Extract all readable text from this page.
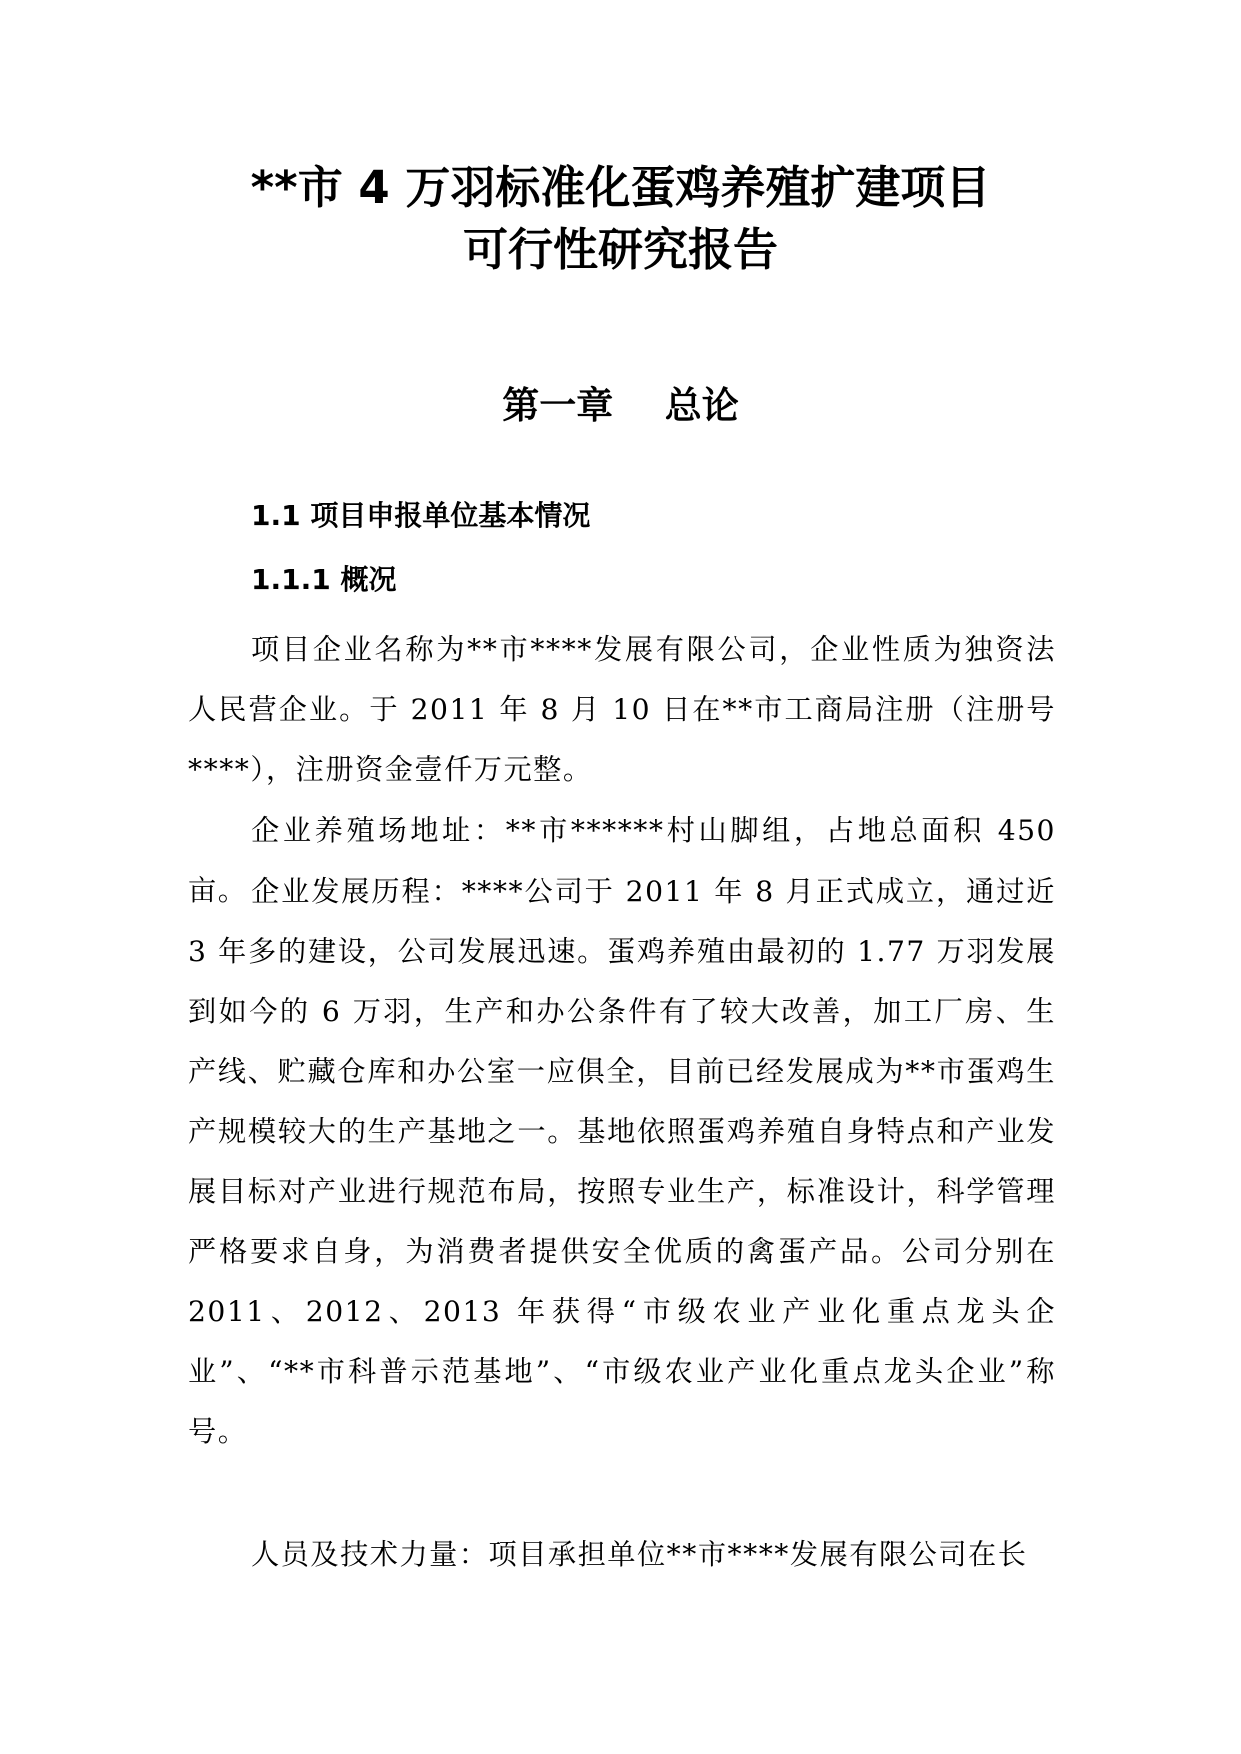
**市 4 万羽标准化蛋鸡养殖扩建项目
可行性研究报告
第一章    总论
1.1 项目申报单位基本情况
1.1.1 概况

项目企业名称为**市****发展有限公司，企业性质为独资法人民营企业。于 2011 年 8 月 10 日在**市工商局注册（注册号****），注册资金壹仟万元整。

企业养殖场地址：**市******村山脚组，占地总面积 450 亩。 企业发展历程：****公司于 2011 年 8 月正式成立，通过近 3 年多的建设，公司发展迅速。蛋鸡养殖由最初的 1.77 万羽发展到如今的 6 万羽，生产和办公条件有了较大改善，加工厂房、生产线、贮藏仓库和办公室一应俱全，目前已经发展成为**市蛋鸡生产规模较大的生产基地之一。基地依照蛋鸡养殖自身特点和产业发展目标对产业进行规范布局，按照专业生产，标准设计，科学管理严格要求自身，为消费者提供安全优质的禽蛋产品。公司分别在 2011、2012、2013 年获得“市级农业产业化重点龙头企业”、“**市科普示范基地”、“市级农业产业化重点龙头企业”称号。

人员及技术力量：项目承担单位**市****发展有限公司在长
